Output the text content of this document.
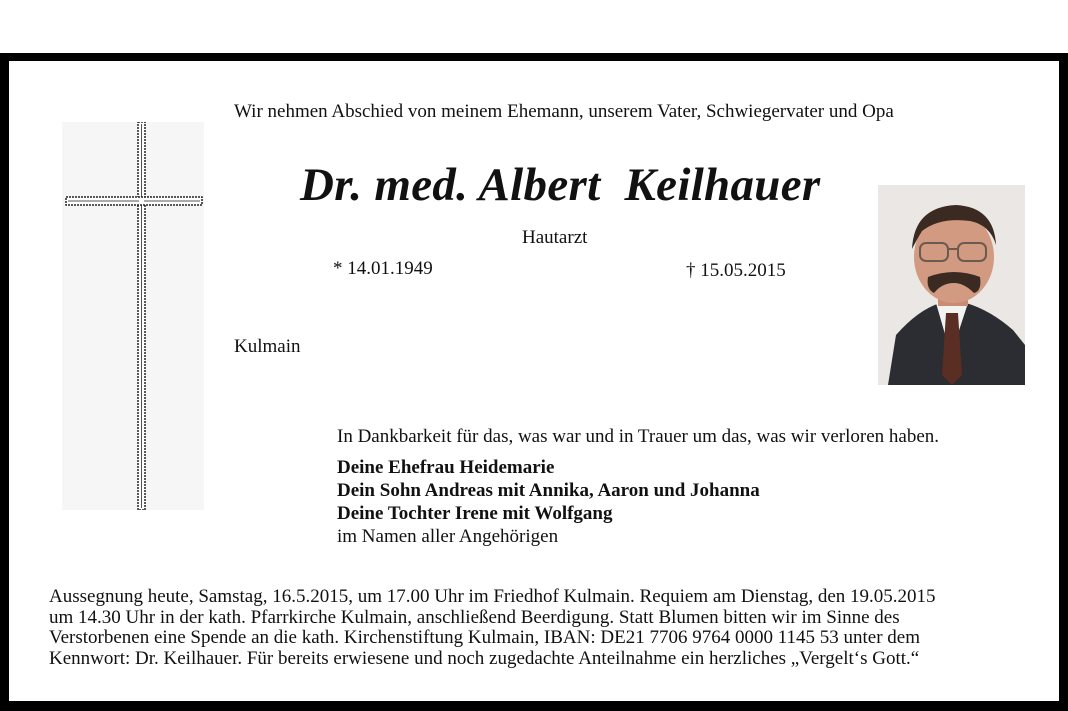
Wir nehmen Abschied von meinem Ehemann, unserem Vater, Schwiegervater und Opa

Dr. med. Albert  Keilhauer

Hautarzt

* 14.01.1949	† 15.05.2015

Kulmain

In Dankbarkeit für das, was war und in Trauer um das, was wir verloren haben.

Deine Ehefrau Heidemarie
Dein Sohn Andreas mit Annika, Aaron und Johanna
Deine Tochter Irene mit Wolfgang
im Namen aller Angehörigen
Aussegnung heute, Samstag, 16.5.2015, um 17.00 Uhr im Friedhof Kulmain. Requiem am Dienstag, den 19.05.2015
um 14.30 Uhr in der kath. Pfarrkirche Kulmain, anschließend Beerdigung. Statt Blumen bitten wir im Sinne des
Verstorbenen eine Spende an die kath. Kirchenstiftung Kulmain, IBAN: DE21 7706 9764 0000 1145 53 unter dem
Kennwort: Dr. Keilhauer. Für bereits erwiesene und noch zugedachte Anteilnahme ein herzliches „Vergelt‘s Gott.“
